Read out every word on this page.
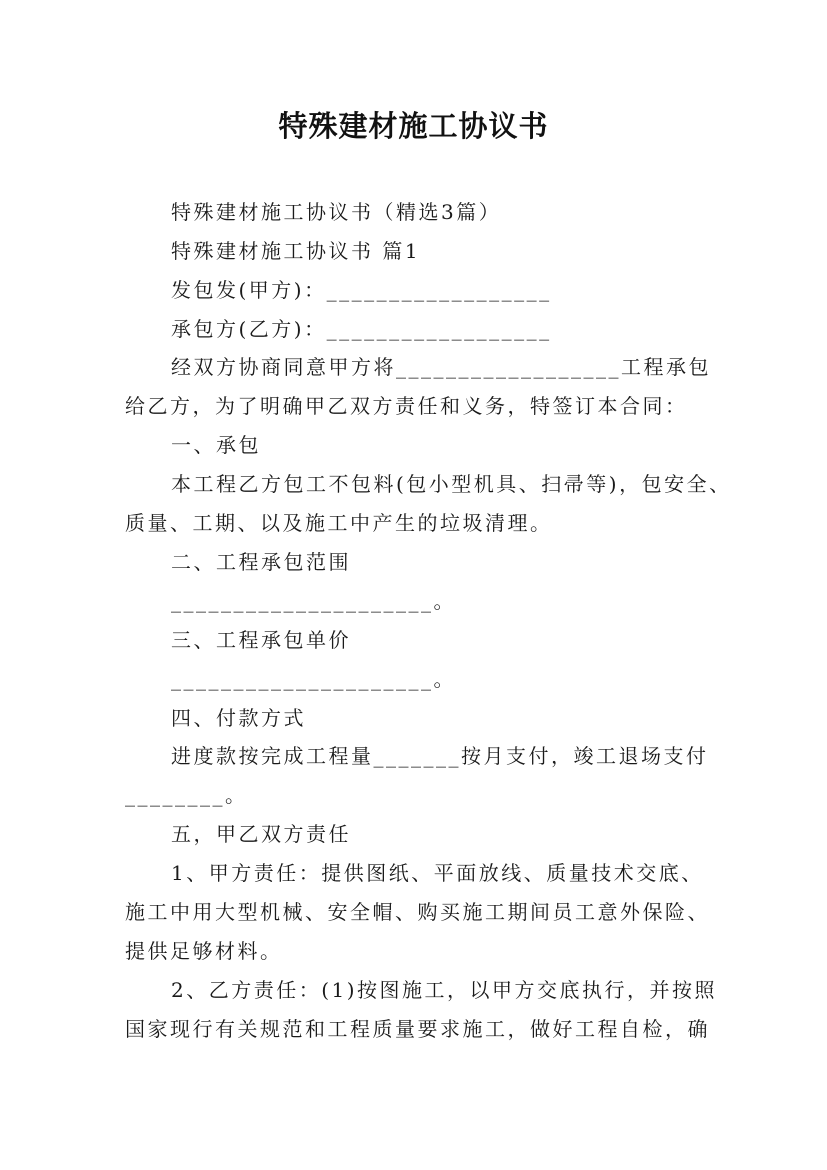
特殊建材施工协议书
特殊建材施工协议书（精选3篇）
特殊建材施工协议书 篇1
发包发(甲方)：__________________
承包方(乙方)：__________________
经双方协商同意甲方将__________________工程承包
给乙方，为了明确甲乙双方责任和义务，特签订本合同：
一、承包
本工程乙方包工不包料(包小型机具、扫帚等)，包安全、
质量、工期、以及施工中产生的垃圾清理。
二、工程承包范围
_____________________。
三、工程承包单价
_____________________。
四、付款方式
进度款按完成工程量_______按月支付，竣工退场支付
________。
五，甲乙双方责任
1、甲方责任：提供图纸、平面放线、质量技术交底、
施工中用大型机械、安全帽、购买施工期间员工意外保险、
提供足够材料。
2、乙方责任：(1)按图施工，以甲方交底执行，并按照
国家现行有关规范和工程质量要求施工，做好工程自检，确
